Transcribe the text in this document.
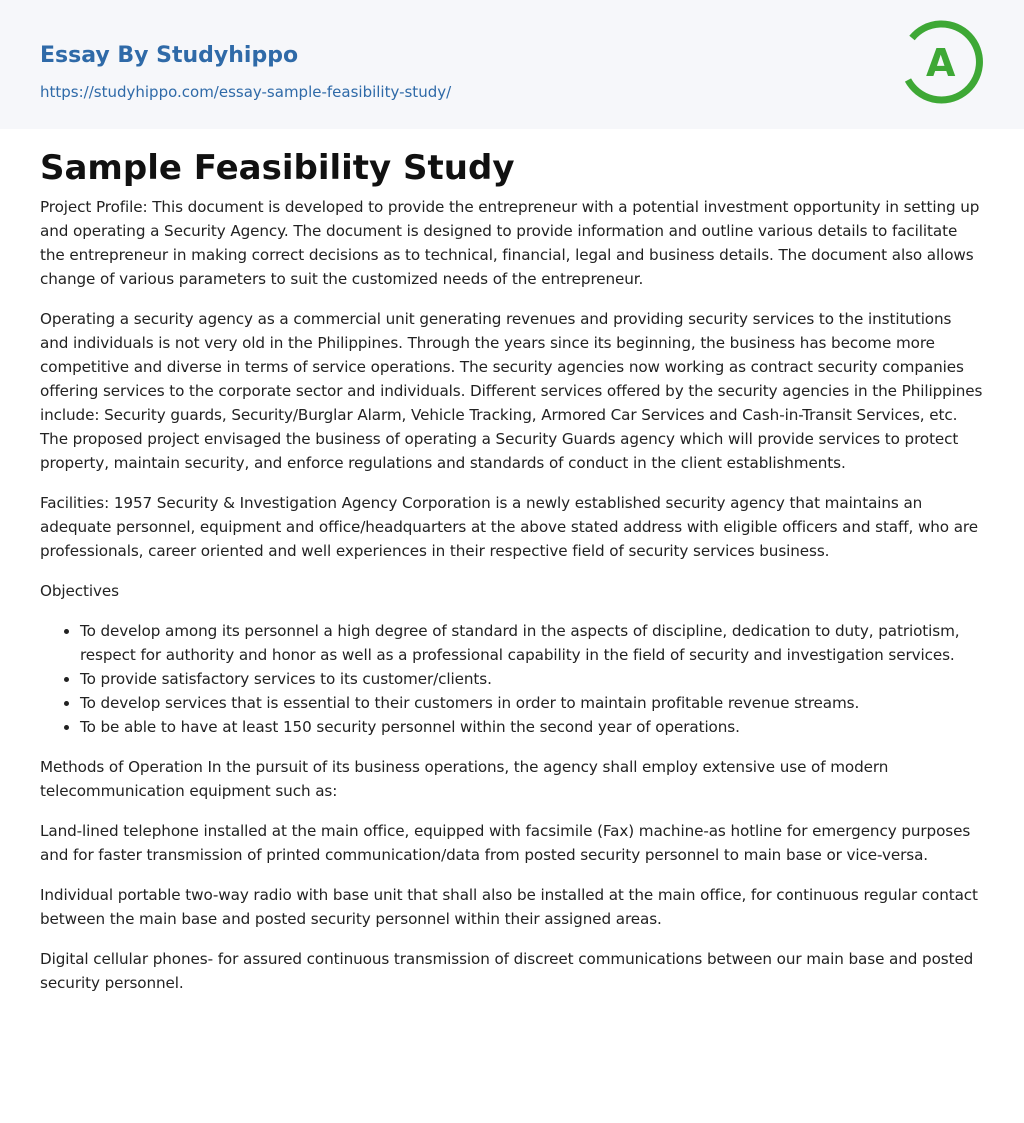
Essay By Studyhippo
https://studyhippo.com/essay-sample-feasibility-study/
A
Sample Feasibility Study

Project Profile: This document is developed to provide the entrepreneur with a potential investment opportunity in setting up and operating a Security Agency. The document is designed to provide information and outline various details to facilitate the entrepreneur in making correct decisions as to technical, financial, legal and business details. The document also allows change of various parameters to suit the customized needs of the entrepreneur.

Operating a security agency as a commercial unit generating revenues and providing security services to the institutions and individuals is not very old in the Philippines. Through the years since its beginning, the business has become more competitive and diverse in terms of service operations. The security agencies now working as contract security companies offering services to the corporate sector and individuals. Different services offered by the security agencies in the Philippines include: Security guards, Security/Burglar Alarm, Vehicle Tracking, Armored Car Services and Cash-in-Transit Services, etc. The proposed project envisaged the business of operating a Security Guards agency which will provide services to protect property, maintain security, and enforce regulations and standards of conduct in the client establishments.

Facilities: 1957 Security & Investigation Agency Corporation is a newly established security agency that maintains an adequate personnel, equipment and office/headquarters at the above stated address with eligible officers and staff, who are professionals, career oriented and well experiences in their respective field of security services business.

Objectives

• To develop among its personnel a high degree of standard in the aspects of discipline, dedication to duty, patriotism, respect for authority and honor as well as a professional capability in the field of security and investigation services.
• To provide satisfactory services to its customer/clients.
• To develop services that is essential to their customers in order to maintain profitable revenue streams.
• To be able to have at least 150 security personnel within the second year of operations.

Methods of Operation In the pursuit of its business operations, the agency shall employ extensive use of modern telecommunication equipment such as:

Land-lined telephone installed at the main office, equipped with facsimile (Fax) machine-as hotline for emergency purposes and for faster transmission of printed communication/data from posted security personnel to main base or vice-versa.

Individual portable two-way radio with base unit that shall also be installed at the main office, for continuous regular contact between the main base and posted security personnel within their assigned areas.

Digital cellular phones- for assured continuous transmission of discreet communications between our main base and posted security personnel.
